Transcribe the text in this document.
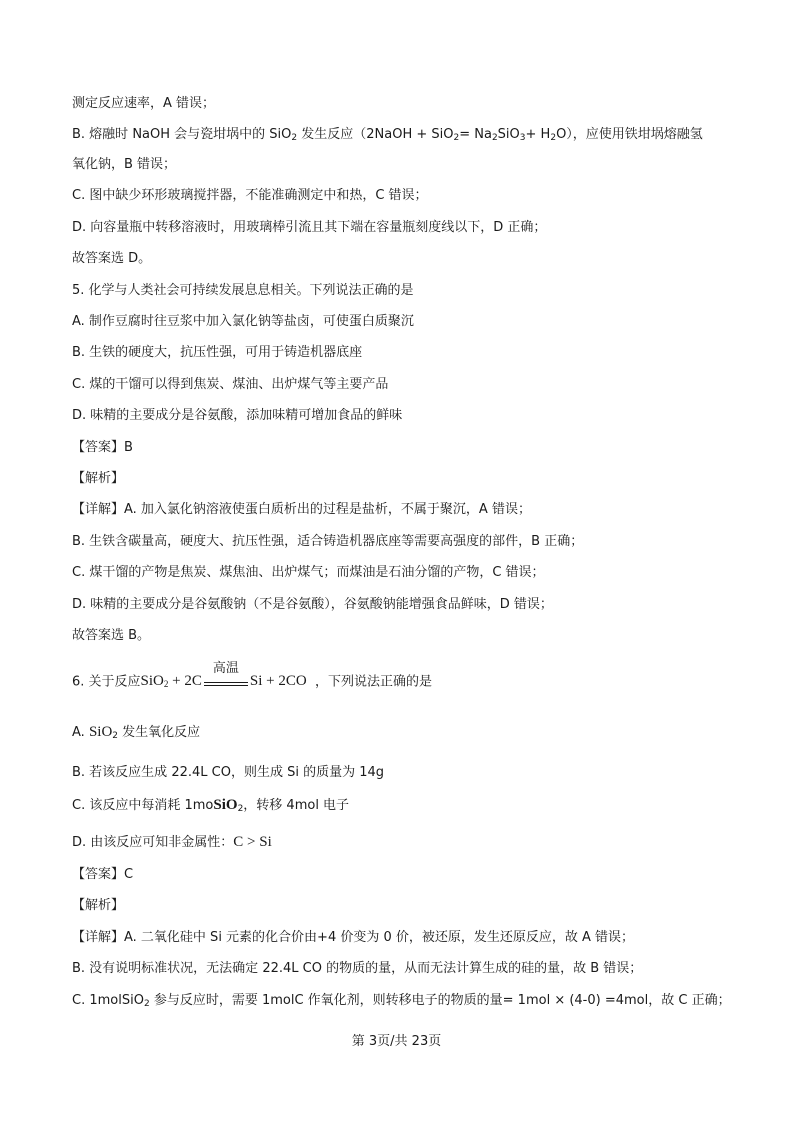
测定反应速率，A 错误；
B. 熔融时 NaOH 会与瓷坩埚中的 SiO$_2$ 发生反应（2NaOH + $SiO_2= Na_2SiO_3+ H_2O$），应使用铁坩埚熔融氢
氧化钠，B 错误；
C. 图中缺少环形玻璃搅拌器，不能准确测定中和热，C 错误；
D. 向容量瓶中转移溶液时，用玻璃棒引流且其下端在容量瓶刻度线以下，D 正确；
故答案选 D。
5. 化学与人类社会可持续发展息息相关。下列说法正确的是
A. 制作豆腐时往豆浆中加入氯化钠等盐卤，可使蛋白质聚沉
B. 生铁的硬度大，抗压性强，可用于铸造机器底座
C. 煤的干馏可以得到焦炭、煤油、出炉煤气等主要产品
D. 味精的主要成分是谷氨酸，添加味精可增加食品的鲜味
【答案】B
【解析】
【详解】A. 加入氯化钠溶液使蛋白质析出的过程是盐析，不属于聚沉，A 错误；
B. 生铁含碳量高，硬度大、抗压性强，适合铸造机器底座等需要高强度的部件，B 正确；
C. 煤干馏的产物是焦炭、煤焦油、出炉煤气；而煤油是石油分馏的产物，C 错误；
D. 味精的主要成分是谷氨酸钠（不是谷氨酸），谷氨酸钠能增强食品鲜味，D 错误；
故答案选 B。
6. 关于反应SiO$_2$ + 2C
高温
Si + 2CO ，下列说法正确的是
A. SiO$_2$ 发生氧化反应
B. 若该反应生成 22.4L CO，则生成 Si 的质量为 14g
C. 该反应中每消耗 1moSiO$_2$，转移 4mol 电子
D. 由该反应可知非金属性：C > Si
【答案】C
【解析】
【详解】A. 二氧化硅中 Si 元素的化合价由+4 价变为 0 价，被还原，发生还原反应，故 A 错误；
B. 没有说明标准状况，无法确定 22.4L CO 的物质的量，从而无法计算生成的硅的量，故 B 错误；
C. 1molSiO$_2$ 参与反应时，需要 1molC 作氧化剂，则转移电子的物质的量= 1mol × (4-0) =4mol，故 C 正确；
第 3页/共 23页
